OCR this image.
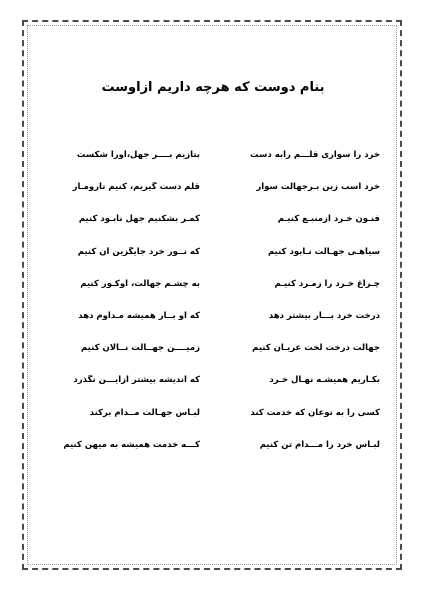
بنام دوست که هرچه داریم ازاوست
خرد را سواری قلـــم رابه دست
بتازیم بــــر جهل،اورا شکست
خرد اسب زین بـرجهالت سوار
قلم دست گیریم، کنیم تارومـار
فنـون خـرد ازمنبـع کنیـم
کمـر بشکنیم جهل نابـود کنیم
سیاهـی جهـالت نـابود کنیم
که نــور خرد جایگزین آن کنیم
چـراغ خـرد را زمـرد کنیـم
به چشـم جهالت، اوکـور کنیم
درخت خرد بـــار بیشتر دهد
که او بــار همیشه مـداوم دهد
جهالت درخت لخت عریـان کنیم
زمیــــن جهــالت نــالان کنیم
بکـاریم همیشـه نهـال خـرد
که اندیشه بیشتر ازایـــن نگذرد
کسی را به نوعان که خدمت کند
لبـاس جهـالت مــدام برکند
لبـاس خرد را مـــدام تن کنیم
کـــه خدمت همیشه به میهن کنیم
